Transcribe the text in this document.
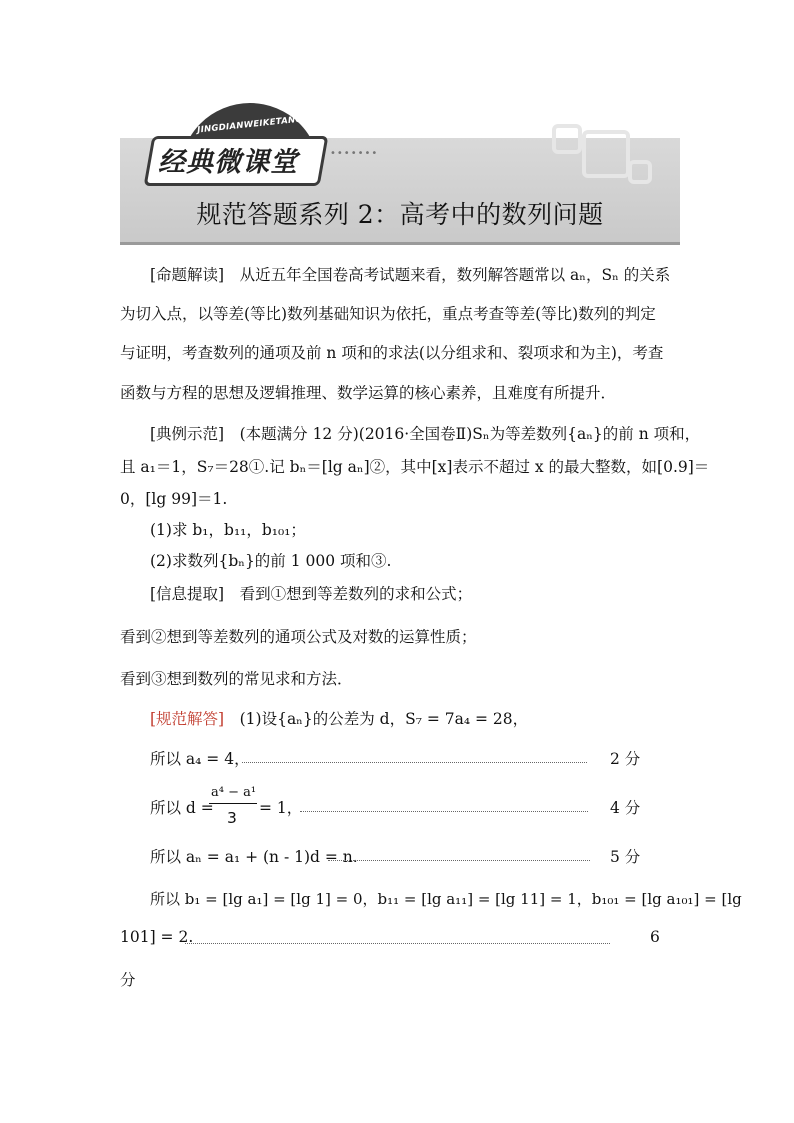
JINGDIANWEIKETANG
经典微课堂	•••••••
规范答题系列 2：高考中的数列问题
[命题解读]　从近五年全国卷高考试题来看，数列解答题常以 aₙ，Sₙ 的关系
为切入点，以等差(等比)数列基础知识为依托，重点考查等差(等比)数列的判定
与证明，考查数列的通项及前 n 项和的求法(以分组求和、裂项求和为主)，考查
函数与方程的思想及逻辑推理、数学运算的核心素养，且难度有所提升．
[典例示范]　(本题满分 12 分)(2016·全国卷Ⅱ)Sₙ为等差数列{aₙ}的前 n 项和，
且 a₁＝1，S₇＝28①.记 bₙ＝[lg aₙ]②，其中[x]表示不超过 x 的最大整数，如[0.9]＝
0，[lg 99]＝1.
(1)求 b₁，b₁₁，b₁₀₁；
(2)求数列{bₙ}的前 1 000 项和③.
[信息提取]　看到①想到等差数列的求和公式；
看到②想到等差数列的通项公式及对数的运算性质；
看到③想到数列的常见求和方法．
[规范解答]　 (1)设{aₙ}的公差为 d，S₇ = 7a₄ = 28，
所以 a₄ = 4，	2 分
所以 d =
a⁴ − a¹
3
= 1，	4 分
所以 aₙ = a₁ + (n - 1)d = n.	5 分
所以 b₁ = [lg a₁] = [lg 1] = 0，b₁₁ = [lg a₁₁] = [lg 11] = 1，b₁₀₁ = [lg a₁₀₁] = [lg
101] = 2.	6
分
